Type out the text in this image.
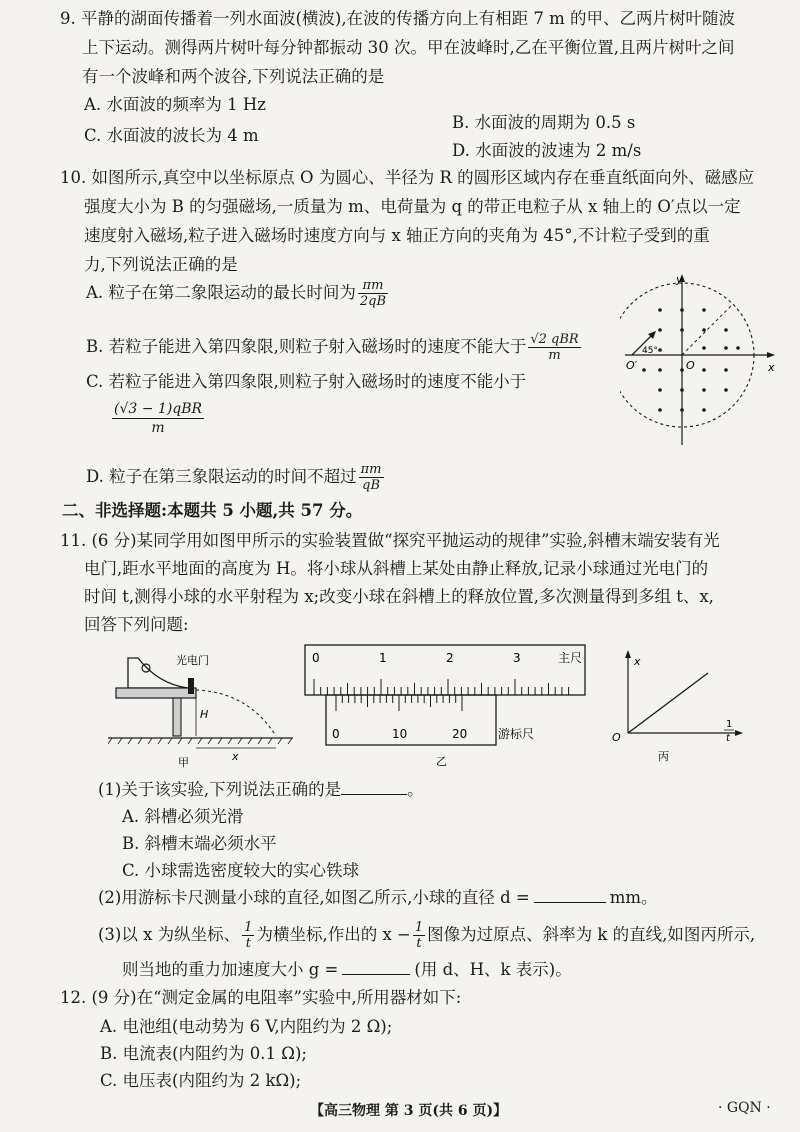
9. 平静的湖面传播着一列水面波(横波),在波的传播方向上有相距 7 m 的甲、乙两片树叶随波
上下运动。测得两片树叶每分钟都振动 30 次。甲在波峰时,乙在平衡位置,且两片树叶之间
有一个波峰和两个波谷,下列说法正确的是
A. 水面波的频率为 1 Hz
B. 水面波的周期为 0.5 s
C. 水面波的波长为 4 m
D. 水面波的波速为 2 m/s
10. 如图所示,真空中以坐标原点 O 为圆心、半径为 R 的圆形区域内存在垂直纸面向外、磁感应
强度大小为 B 的匀强磁场,一质量为 m、电荷量为 q 的带正电粒子从 x 轴上的 O′点以一定
速度射入磁场,粒子进入磁场时速度方向与 x 轴正方向的夹角为 45°,不计粒子受到的重
力,下列说法正确的是
A. 粒子在第二象限运动的最长时间为 $\frac{\pi m}{2qB}$
B. 若粒子能进入第四象限,则粒子射入磁场时的速度不能大于 $\frac{\text{√2 qBR}}{m}$
C. 若粒子能进入第四象限,则粒子射入磁场时的速度不能小于
$\frac{\text{(√3 − 1)qBR}}{m}$
D. 粒子在第三象限运动的时间不超过 $\frac{\pi m}{qB}$
y
x
O
O′
45°
二、非选择题:本题共 5 小题,共 57 分。
11. (6 分)某同学用如图甲所示的实验装置做“探究平抛运动的规律”实验,斜槽末端安装有光
电门,距水平地面的高度为 H。将小球从斜槽上某处由静止释放,记录小球通过光电门的
时间 t,测得小球的水平射程为 x;改变小球在斜槽上的释放位置,多次测量得到多组 t、x,
回答下列问题:
光电门
H
x
甲
0	1	2	3	主尺
0	10	20	游标尺
乙
x
O
1
t
丙
(1)关于该实验,下列说法正确的是	。
A. 斜槽必须光滑
B. 斜槽末端必须水平
C. 小球需选密度较大的实心铁球
(2)用游标卡尺测量小球的直径,如图乙所示,小球的直径 d =	mm。
(3)以 x 为纵坐标、 $\frac{1}{t}$ 为横坐标,作出的 $x - \frac{1}{t}$ 图像为过原点、斜率为 k 的直线,如图丙所示,
则当地的重力加速度大小 g =	(用 d、H、k 表示)。
12. (9 分)在“测定金属的电阻率”实验中,所用器材如下:
A. 电池组(电动势为 6 V,内阻约为 2 Ω);
B. 电流表(内阻约为 0.1 Ω);
C. 电压表(内阻约为 2 kΩ);
【高三物理 第 3 页(共 6 页)】	· GQN ·
